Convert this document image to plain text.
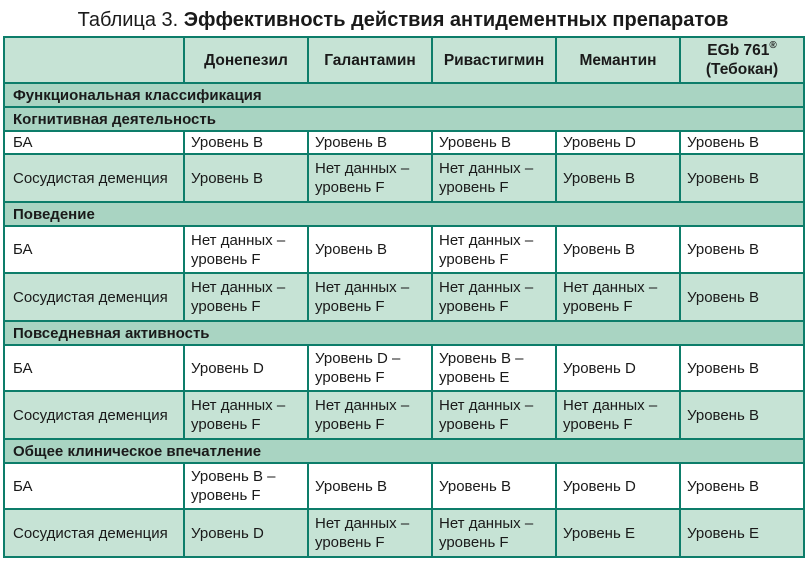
Таблица 3. Эффективность действия антидементных препаратов
	Донепезил	Галантамин	Ривастигмин	Мемантин	EGb 761®
(Тебокан)
Функциональная классификация					
Когнитивная деятельность					
БА	Уровень B	Уровень B	Уровень B	Уровень D	Уровень B

Сосудистая деменция	Уровень B	Нет данных –
уровень F	Нет данных –
уровень F	Уровень B	Уровень B

Поведение					
БА	Нет данных –
уровень F	Уровень B	Нет данных –
уровень F	Уровень B	Уровень B

Сосудистая деменция	Нет данных –
уровень F	Нет данных –
уровень F	Нет данных –
уровень F	Нет данных –
уровень F	Уровень B

Повседневная активность					
БА	Уровень D	Уровень D –
уровень F	Уровень B –
уровень E	Уровень D	Уровень B

Сосудистая деменция	Нет данных –
уровень F	Нет данных –
уровень F	Нет данных –
уровень F	Нет данных –
уровень F	Уровень B

Общее клиническое впечатление					
БА	Уровень B –
уровень F	Уровень B	Уровень B	Уровень D	Уровень B

Сосудистая деменция	Уровень D	Нет данных –
уровень F	Нет данных –
уровень F	Уровень E	Уровень E
